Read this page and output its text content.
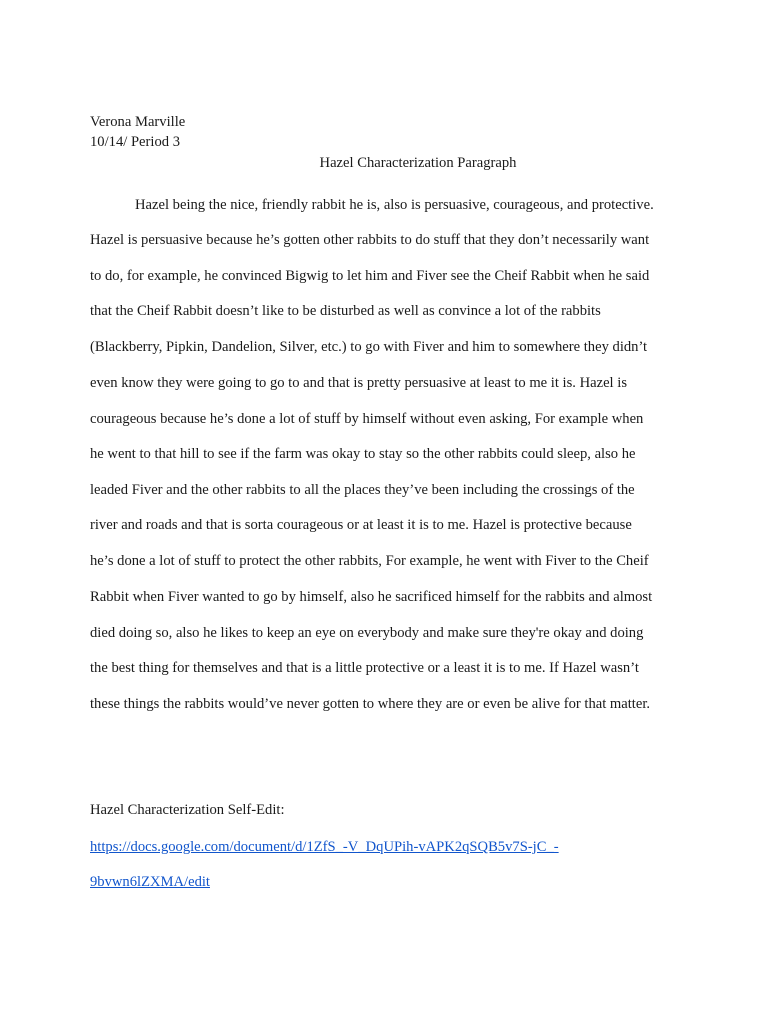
Verona Marville
10/14/ Period 3
Hazel Characterization Paragraph
Hazel being the nice, friendly rabbit he is, also is persuasive, courageous, and protective.
Hazel is persuasive because he’s gotten other rabbits to do stuff that they don’t necessarily want
to do, for example, he convinced Bigwig to let him and Fiver see the Cheif Rabbit when he said
that the Cheif Rabbit doesn’t like to be disturbed as well as convince a lot of the rabbits
(Blackberry, Pipkin, Dandelion, Silver, etc.) to go with Fiver and him to somewhere they didn’t
even know they were going to go to and that is pretty persuasive at least to me it is. Hazel is
courageous because he’s done a lot of stuff by himself without even asking, For example when
he went to that hill to see if the farm was okay to stay so the other rabbits could sleep, also he
leaded Fiver and the other rabbits to all the places they’ve been including the crossings of the
river and roads and that is sorta courageous or at least it is to me. Hazel is protective because
he’s done a lot of stuff to protect the other rabbits, For example, he went with Fiver to the Cheif
Rabbit when Fiver wanted to go by himself, also he sacrificed himself for the rabbits and almost
died doing so, also he likes to keep an eye on everybody and make sure they're okay and doing
the best thing for themselves and that is a little protective or a least it is to me. If Hazel wasn’t
these things the rabbits would’ve never gotten to where they are or even be alive for that matter.
Hazel Characterization Self-Edit:
https://docs.google.com/document/d/1ZfS_-V_DqUPih-vAPK2qSQB5v7S-jC_-
9bvwn6lZXMA/edit
